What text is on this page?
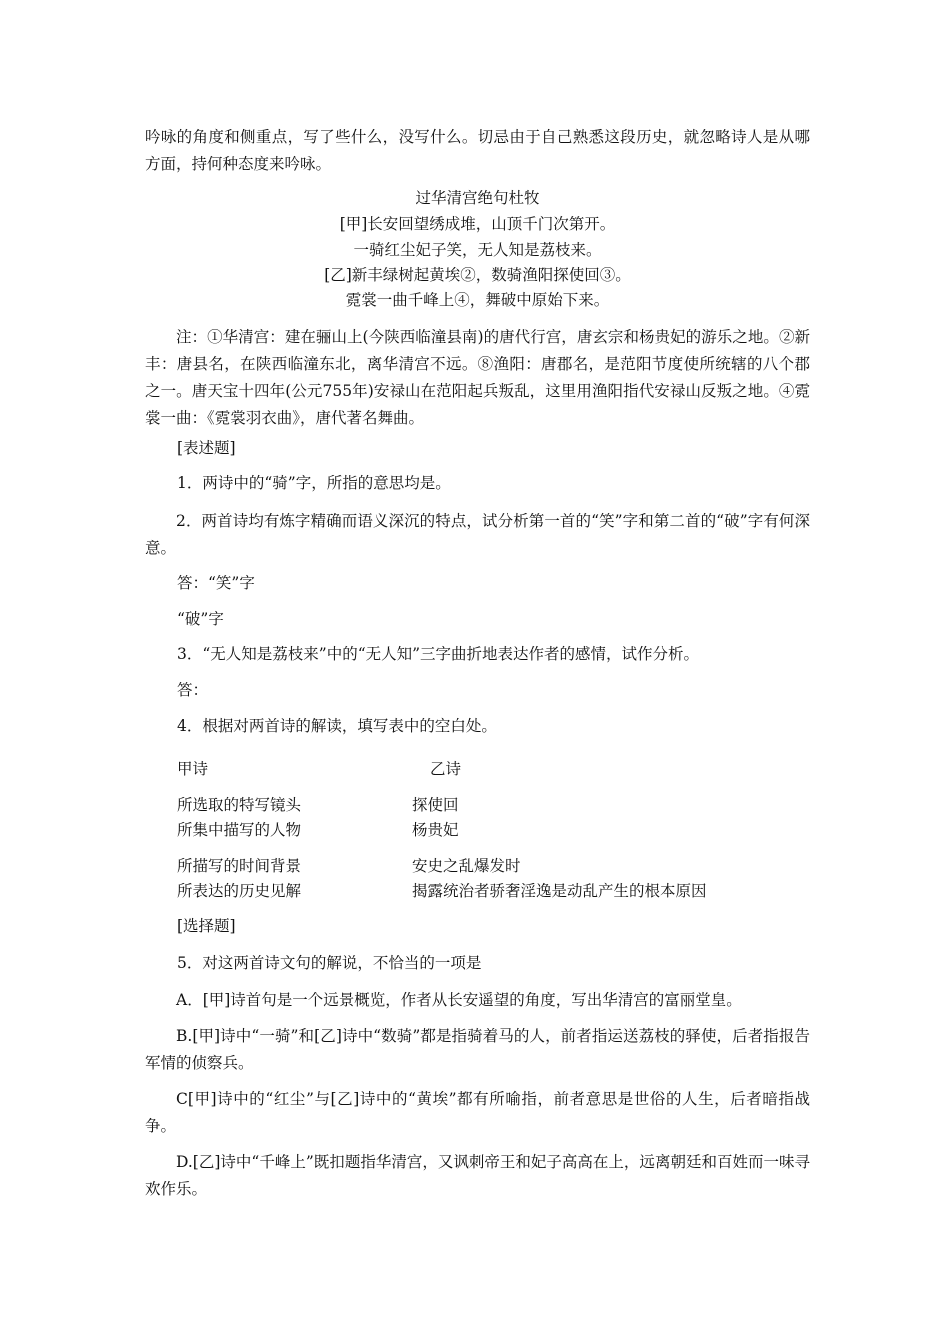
吟咏的角度和侧重点，写了些什么，没写什么。切忌由于自己熟悉这段历史，就忽略诗人是从哪方面，持何种态度来吟咏。

过华清宫绝句杜牧

[甲]长安回望绣成堆，山顶千门次第开。

一骑红尘妃子笑，无人知是荔枝来。

[乙]新丰绿树起黄埃②，数骑渔阳探使回③。

霓裳一曲千峰上④，舞破中原始下来。

注：①华清宫：建在骊山上(今陕西临潼县南)的唐代行宫，唐玄宗和杨贵妃的游乐之地。②新丰：唐县名，在陕西临潼东北，离华清宫不远。⑧渔阳：唐郡名，是范阳节度使所统辖的八个郡之一。唐天宝十四年(公元755年)安禄山在范阳起兵叛乱，这里用渔阳指代安禄山反叛之地。④霓裳一曲：《霓裳羽衣曲》，唐代著名舞曲。

[表述题]

1．两诗中的“骑”字，所指的意思均是。

2．两首诗均有炼字精确而语义深沉的特点，试分析第一首的“笑”字和第二首的“破”字有何深意。

答：“笑”字

“破”字

3．“无人知是荔枝来”中的“无人知”三字曲折地表达作者的感情，试作分析。

答：

4．根据对两首诗的解读，填写表中的空白处。

甲诗	乙诗
所选取的特写镜头	探使回
所集中描写的人物	杨贵妃
所描写的时间背景	安史之乱爆发时
所表达的历史见解	揭露统治者骄奢淫逸是动乱产生的根本原因

[选择题]

5．对这两首诗文句的解说，不恰当的一项是

A．[甲]诗首句是一个远景概览，作者从长安遥望的角度，写出华清宫的富丽堂皇。

B.[甲]诗中“一骑”和[乙]诗中“数骑”都是指骑着马的人，前者指运送荔枝的驿使，后者指报告军情的侦察兵。

C[甲]诗中的“红尘”与[乙]诗中的“黄埃”都有所喻指，前者意思是世俗的人生，后者暗指战争。

D.[乙]诗中“千峰上”既扣题指华清宫，又讽刺帝王和妃子高高在上，远离朝廷和百姓而一味寻欢作乐。
